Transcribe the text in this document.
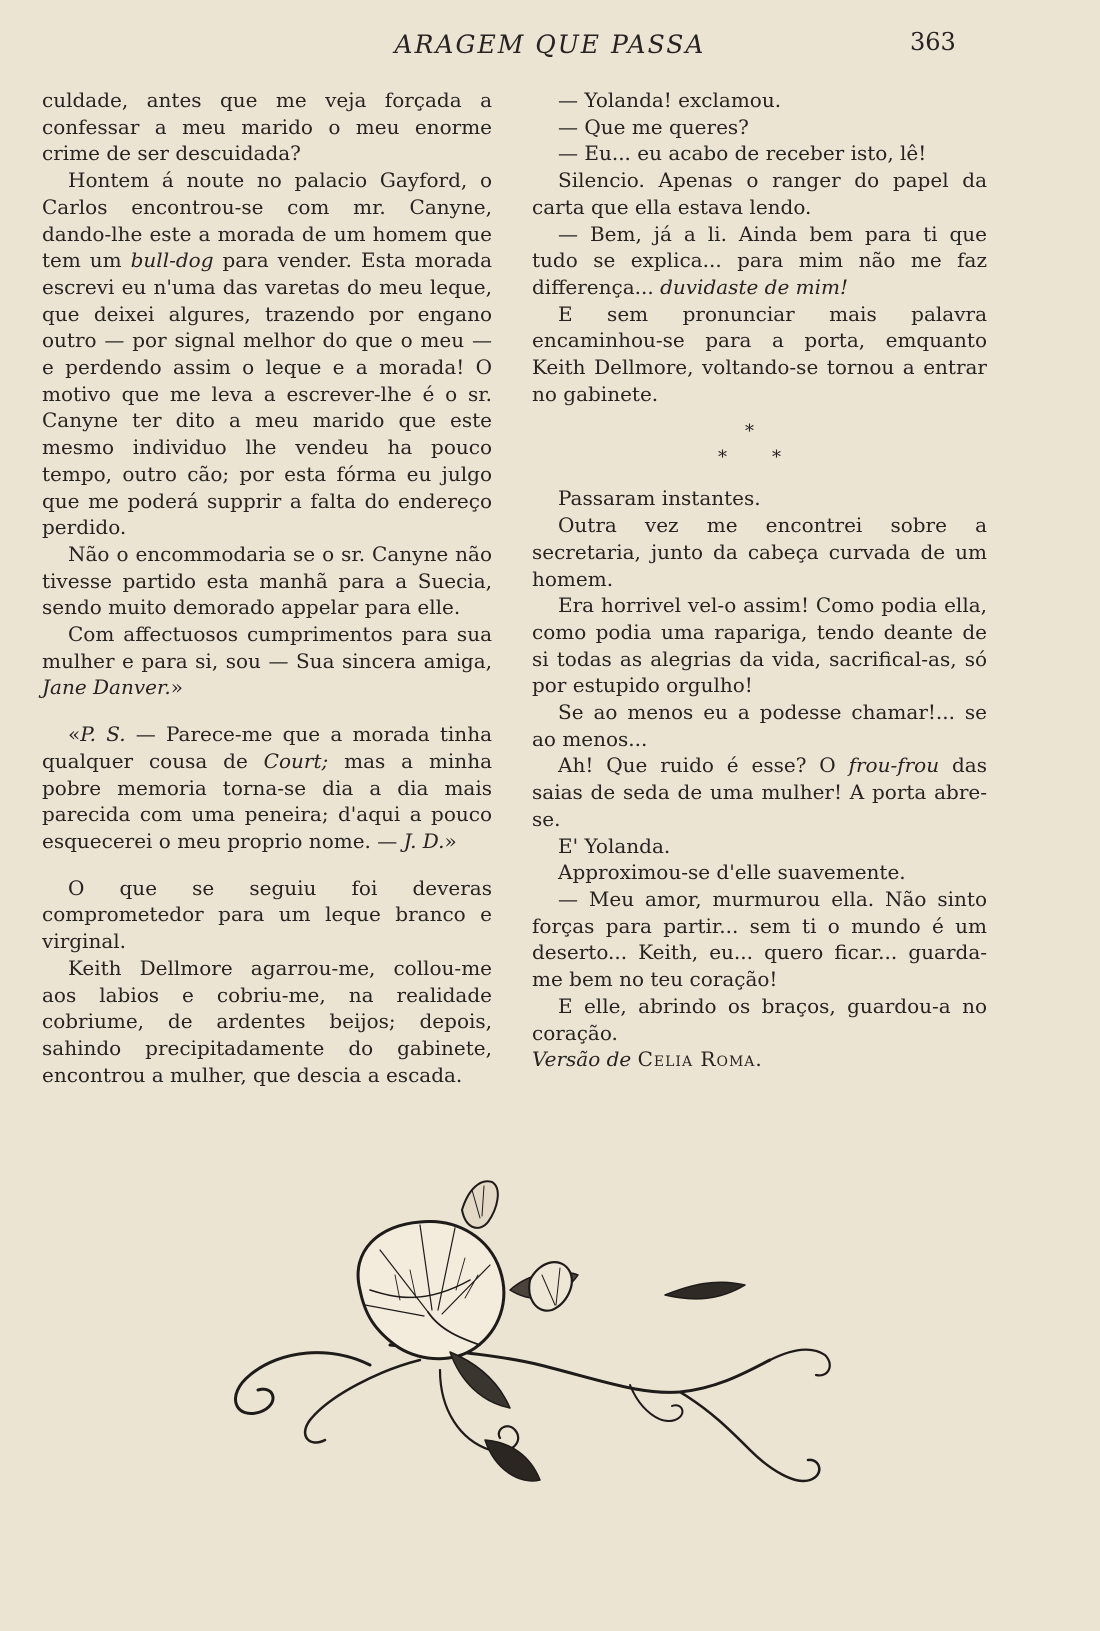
ARAGEM QUE PASSA	363

culdade, antes que me veja forçada a confessar a meu marido o meu enorme crime de ser descuidada?

Hontem á noute no palacio Gayford, o Carlos encontrou-se com mr. Canyne, dando-lhe este a morada de um homem que tem um bull-dog para vender. Esta morada escrevi eu n'uma das varetas do meu leque, que deixei algures, trazendo por engano outro — por signal melhor do que o meu — e perdendo assim o leque e a morada! O motivo que me leva a escrever-lhe é o sr. Canyne ter dito a meu marido que este mesmo individuo lhe vendeu ha pouco tempo, outro cão; por esta fórma eu julgo que me poderá supprir a falta do endereço perdido.

Não o encommodaria se o sr. Canyne não tivesse partido esta manhã para a Suecia, sendo muito demorado appelar para elle.

Com affectuosos cumprimentos para sua mulher e para si, sou — Sua sincera amiga, Jane Danver.»

«P. S. — Parece-me que a morada tinha qualquer cousa de Court; mas a minha pobre memoria torna-se dia a dia mais parecida com uma peneira; d'aqui a pouco esquecerei o meu proprio nome. — J. D.»

O que se seguiu foi deveras comprometedor para um leque branco e virginal.

Keith Dellmore agarrou-me, collou-me aos labios e cobriu-me, na realidade cobriume, de ardentes beijos; depois, sahindo precipitadamente do gabinete, encontrou a mulher, que descia a escada.

— Yolanda! exclamou.

— Que me queres?

— Eu... eu acabo de receber isto, lê!

Silencio. Apenas o ranger do papel da carta que ella estava lendo.

— Bem, já a li. Ainda bem para ti que tudo se explica... para mim não me faz differença... duvidaste de mim!

E sem pronunciar mais palavra encaminhou-se para a porta, emquanto Keith Dellmore, voltando-se tornou a entrar no gabinete.

*
*	*

Passaram instantes.

Outra vez me encontrei sobre a secretaria, junto da cabeça curvada de um homem.

Era horrivel vel-o assim! Como podia ella, como podia uma rapariga, tendo deante de si todas as alegrias da vida, sacrifical-as, só por estupido orgulho!

Se ao menos eu a podesse chamar!... se ao menos...

Ah! Que ruido é esse? O frou-frou das saias de seda de uma mulher! A porta abre-se.

E' Yolanda.

Approximou-se d'elle suavemente.

— Meu amor, murmurou ella. Não sinto forças para partir... sem ti o mundo é um deserto... Keith, eu... quero ficar... guarda-me bem no teu coração!

E elle, abrindo os braços, guardou-a no coração.

Versão de Celia Roma.
